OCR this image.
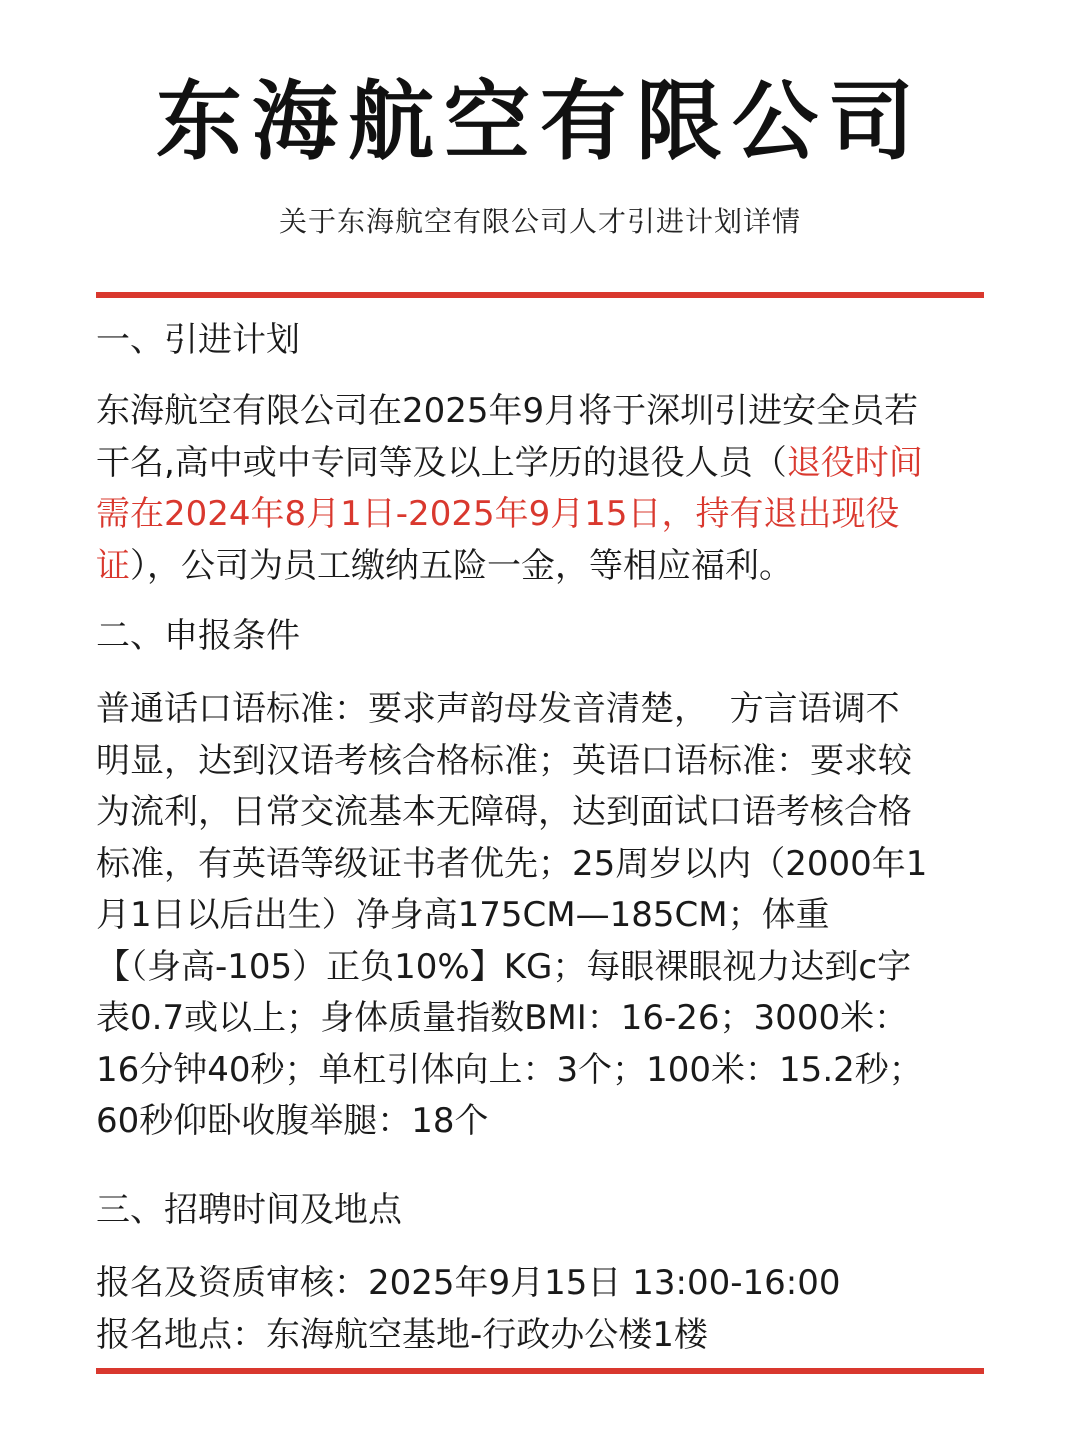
东海航空有限公司
关于东海航空有限公司人才引进计划详情
一、引进计划
东海航空有限公司在2025年9月将于深圳引进安全员若
干名,高中或中专同等及以上学历的退役人员（退役时间
需在2024年8月1日-2025年9月15日，持有退出现役
证），公司为员工缴纳五险一金，等相应福利。
二、申报条件
普通话口语标准：要求声韵母发音清楚，  方言语调不
明显，达到汉语考核合格标准；英语口语标准：要求较
为流利，日常交流基本无障碍，达到面试口语考核合格
标准，有英语等级证书者优先；25周岁以内（2000年1
月1日以后出生）净身高175CM—185CM；体重
【（身高-105）正负10%】KG；每眼裸眼视力达到c字
表0.7或以上；身体质量指数BMI：16-26；3000米：
16分钟40秒；单杠引体向上：3个；100米：15.2秒；
60秒仰卧收腹举腿：18个
三、招聘时间及地点
报名及资质审核：2025年9月15日 13:00-16:00
报名地点：东海航空基地-行政办公楼1楼
